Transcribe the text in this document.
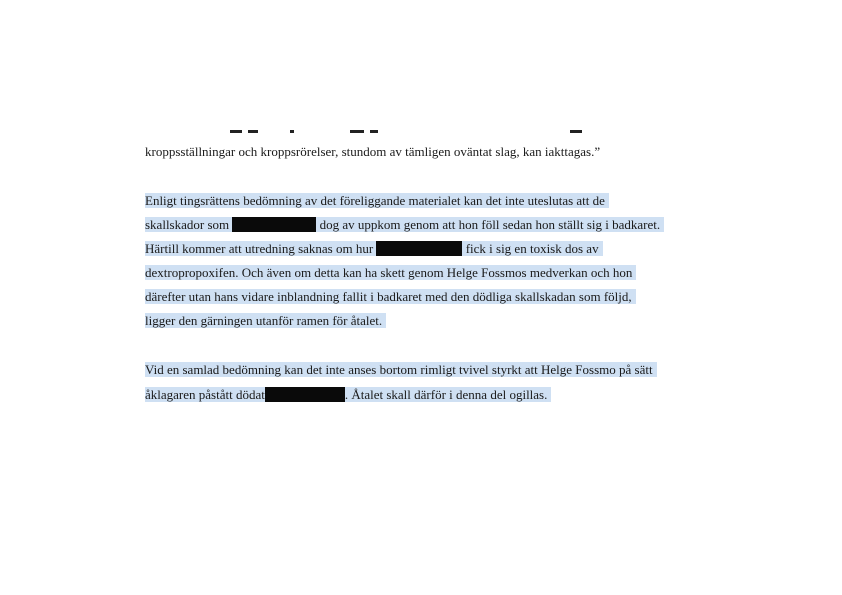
kroppsställningar och kroppsrörelser, stundom av tämligen oväntat slag, kan iakttagas.”
Enligt tingsrättens bedömning av det föreliggande materialet kan det inte uteslutas att de
skallskador som	dog av uppkom genom att hon föll sedan hon ställt sig i badkaret.
Härtill kommer att utredning saknas om hur	fick i sig en toxisk dos av
dextropropoxifen. Och även om detta kan ha skett genom Helge Fossmos medverkan och hon
därefter utan hans vidare inblandning fallit i badkaret med den dödliga skallskadan som följd,
ligger den gärningen utanför ramen för åtalet.
Vid en samlad bedömning kan det inte anses bortom rimligt tvivel styrkt att Helge Fossmo på sätt
åklagaren påstått dödat	. Åtalet skall därför i denna del ogillas.
